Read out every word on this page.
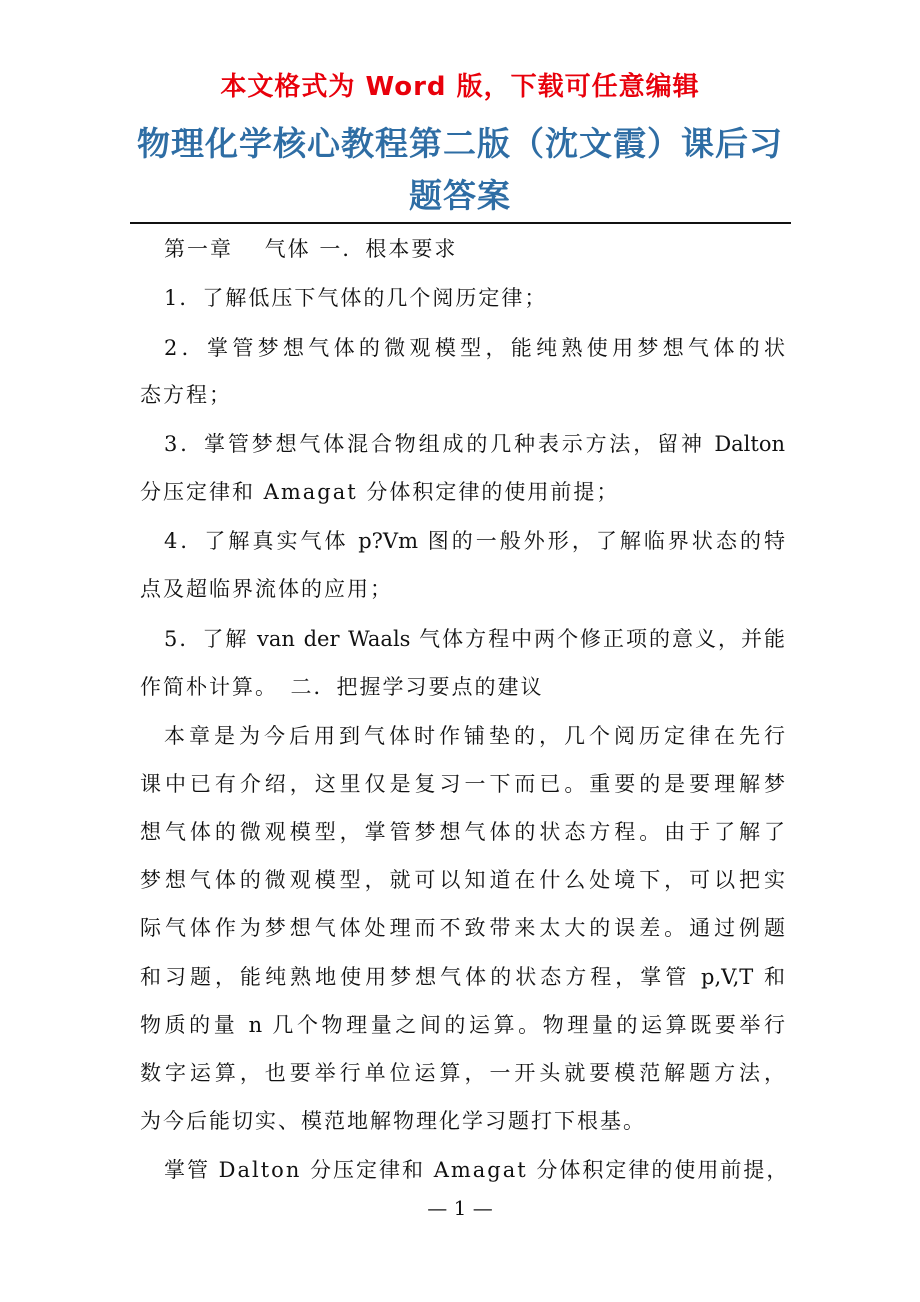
本文格式为 Word 版，下载可任意编辑
物理化学核心教程第二版（沈文霞）课后习
题答案
第一章　 气体 一．根本要求
1．了解低压下气体的几个阅历定律；
2．掌管梦想气体的微观模型，能纯熟使用梦想气体的状
态方程；
3．掌管梦想气体混合物组成的几种表示方法，留神 Dalton
分压定律和 Amagat 分体积定律的使用前提；
4．了解真实气体 p?Vm 图的一般外形，了解临界状态的特
点及超临界流体的应用；
5．了解 van der Waals 气体方程中两个修正项的意义，并能
作简朴计算。　二．把握学习要点的建议
本章是为今后用到气体时作铺垫的，几个阅历定律在先行
课中已有介绍，这里仅是复习一下而已。重要的是要理解梦
想气体的微观模型，掌管梦想气体的状态方程。由于了解了
梦想气体的微观模型，就可以知道在什么处境下，可以把实
际气体作为梦想气体处理而不致带来太大的误差。通过例题
和习题，能纯熟地使用梦想气体的状态方程，掌管 p,V,T 和
物质的量 n 几个物理量之间的运算。物理量的运算既要举行
数字运算，也要举行单位运算，一开头就要模范解题方法，
为今后能切实、模范地解物理化学习题打下根基。
掌管 Dalton 分压定律和 Amagat 分体积定律的使用前提，
— 1 —
